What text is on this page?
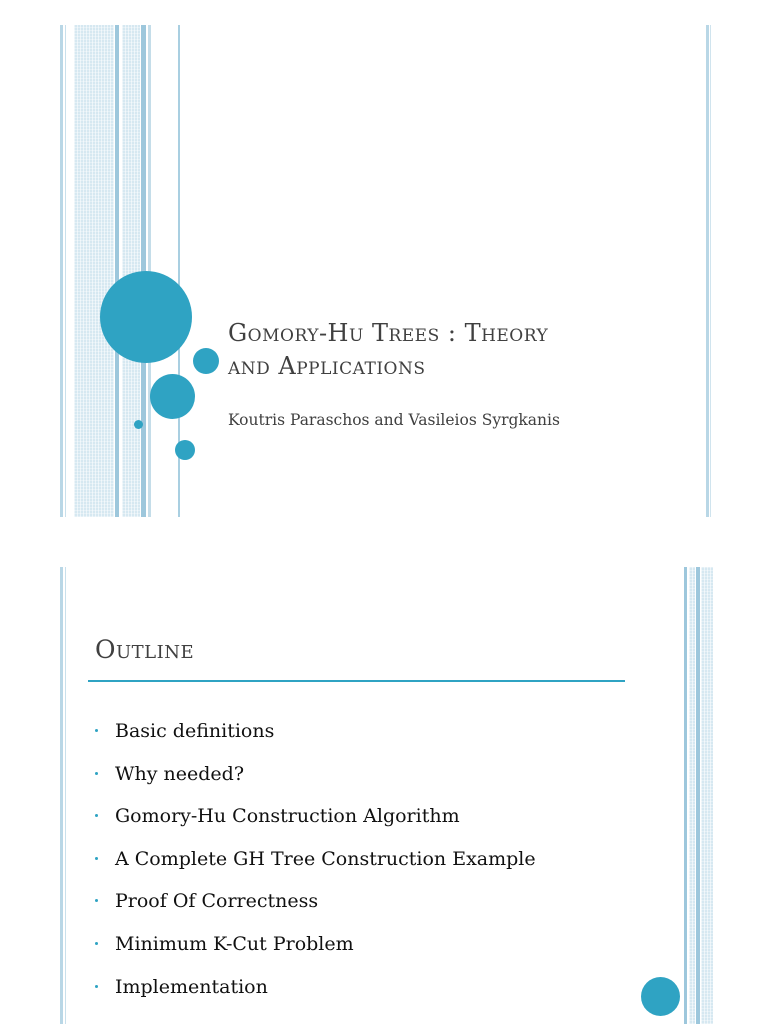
Gomory-Hu Trees : Theory
and Applications

Koutris Paraschos and Vasileios Syrgkanis

Outline
Basic definitions
Why needed?
Gomory-Hu Construction Algorithm
A Complete GH Tree Construction Example
Proof Of Correctness
Minimum K-Cut Problem
Implementation
